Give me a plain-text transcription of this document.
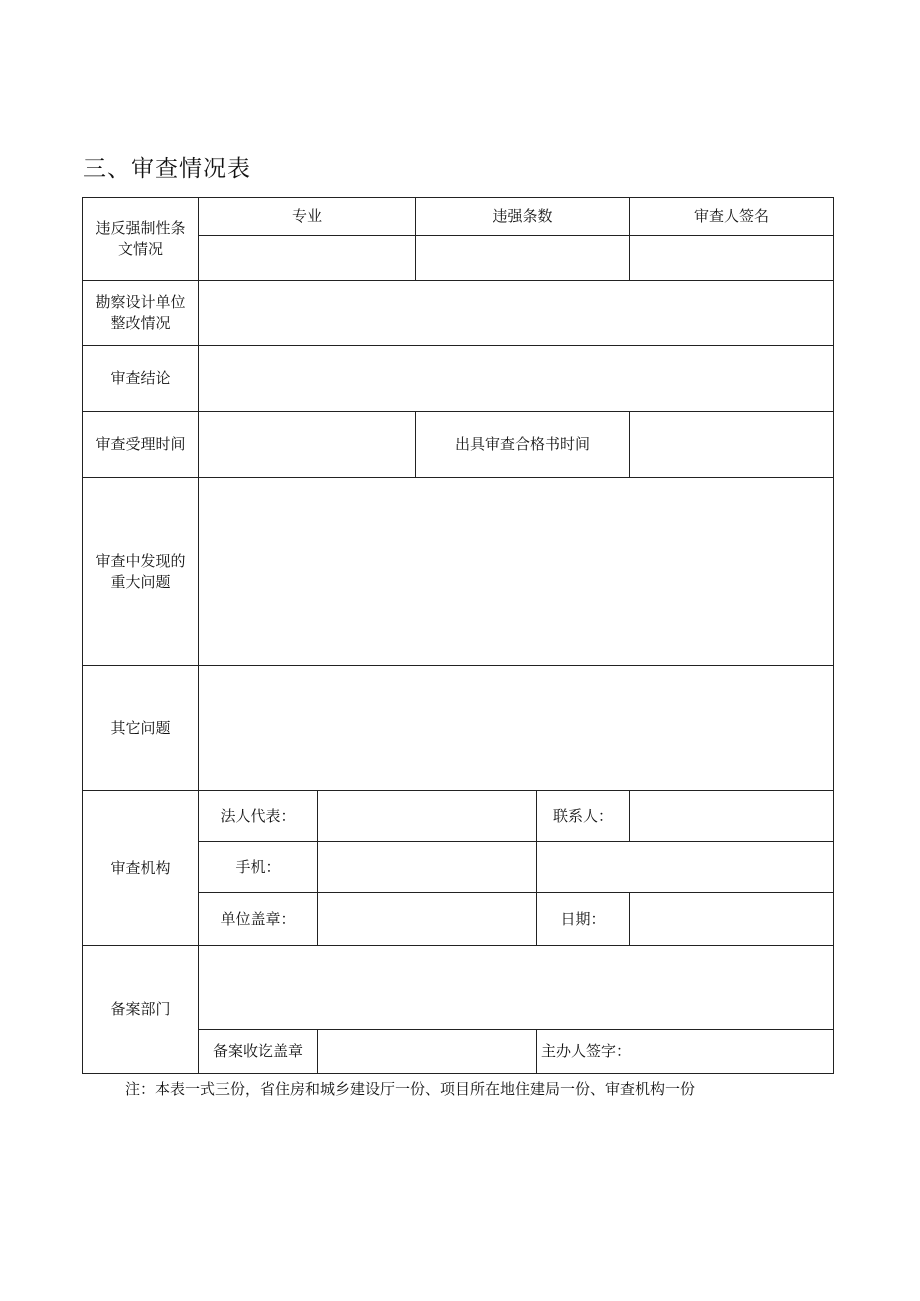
三、审查情况表
违反强制性条文情况	专业		违强条数		审查人签名	

勘察设计单位整改情况						
审查结论						
审查受理时间			出具审查合格书时间			
审查中发现的重大问题						
其它问题						
审查机构	法人代表：			联系人：		
	手机：					
	单位盖章：			日期：		
备案部门						
	备案收讫盖章			主办人签字：		
注：本表一式三份，省住房和城乡建设厅一份、项目所在地住建局一份、审查机构一份
